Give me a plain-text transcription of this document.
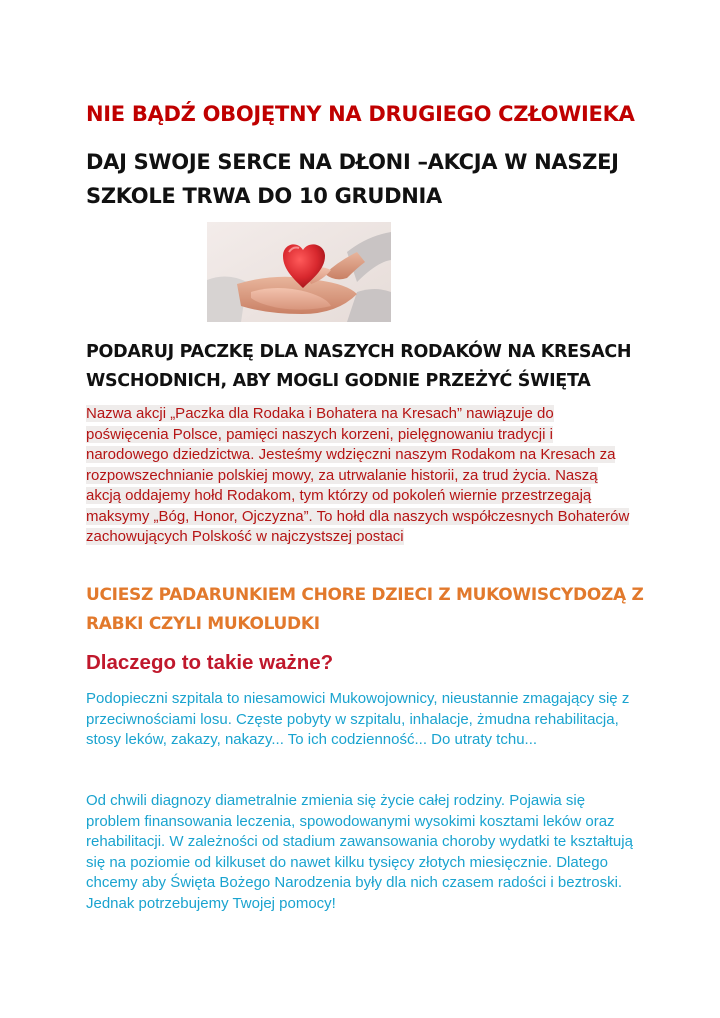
NIE BĄDŹ OBOJĘTNY NA DRUGIEGO CZŁOWIEKA
DAJ SWOJE SERCE NA DŁONI –AKCJA W NASZEJ SZKOLE TRWA DO 10 GRUDNIA
PODARUJ PACZKĘ DLA NASZYCH RODAKÓW NA KRESACH WSCHODNICH, ABY MOGLI GODNIE PRZEŻYĆ ŚWIĘTA
Nazwa akcji „Paczka dla Rodaka i Bohatera na Kresach” nawiązuje do poświęcenia Polsce, pamięci naszych korzeni, pielęgnowaniu tradycji i narodowego dziedzictwa. Jesteśmy wdzięczni naszym Rodakom na Kresach za rozpowszechnianie polskiej mowy, za utrwalanie historii, za trud życia. Naszą akcją oddajemy hołd Rodakom, tym którzy od pokoleń wiernie przestrzegają maksymy „Bóg, Honor, Ojczyzna”. To hołd dla naszych współczesnych Bohaterów zachowujących Polskość w najczystszej postaci
UCIESZ PADARUNKIEM CHORE DZIECI Z MUKOWISCYDOZĄ Z RABKI CZYLI MUKOLUDKI
Dlaczego to takie ważne?
Podopieczni szpitala to niesamowici Mukowojownicy, nieustannie zmagający się z przeciwnościami losu. Częste pobyty w szpitalu, inhalacje, żmudna rehabilitacja, stosy leków, zakazy, nakazy... To ich codzienność... Do utraty tchu...
Od chwili diagnozy diametralnie zmienia się życie całej rodziny. Pojawia się problem finansowania leczenia, spowodowanymi wysokimi kosztami leków oraz rehabilitacji. W zależności od stadium zawansowania choroby wydatki te kształtują się na poziomie od kilkuset do nawet kilku tysięcy złotych miesięcznie. Dlatego chcemy aby Święta Bożego Narodzenia były dla nich czasem radości i beztroski. Jednak potrzebujemy Twojej pomocy!
